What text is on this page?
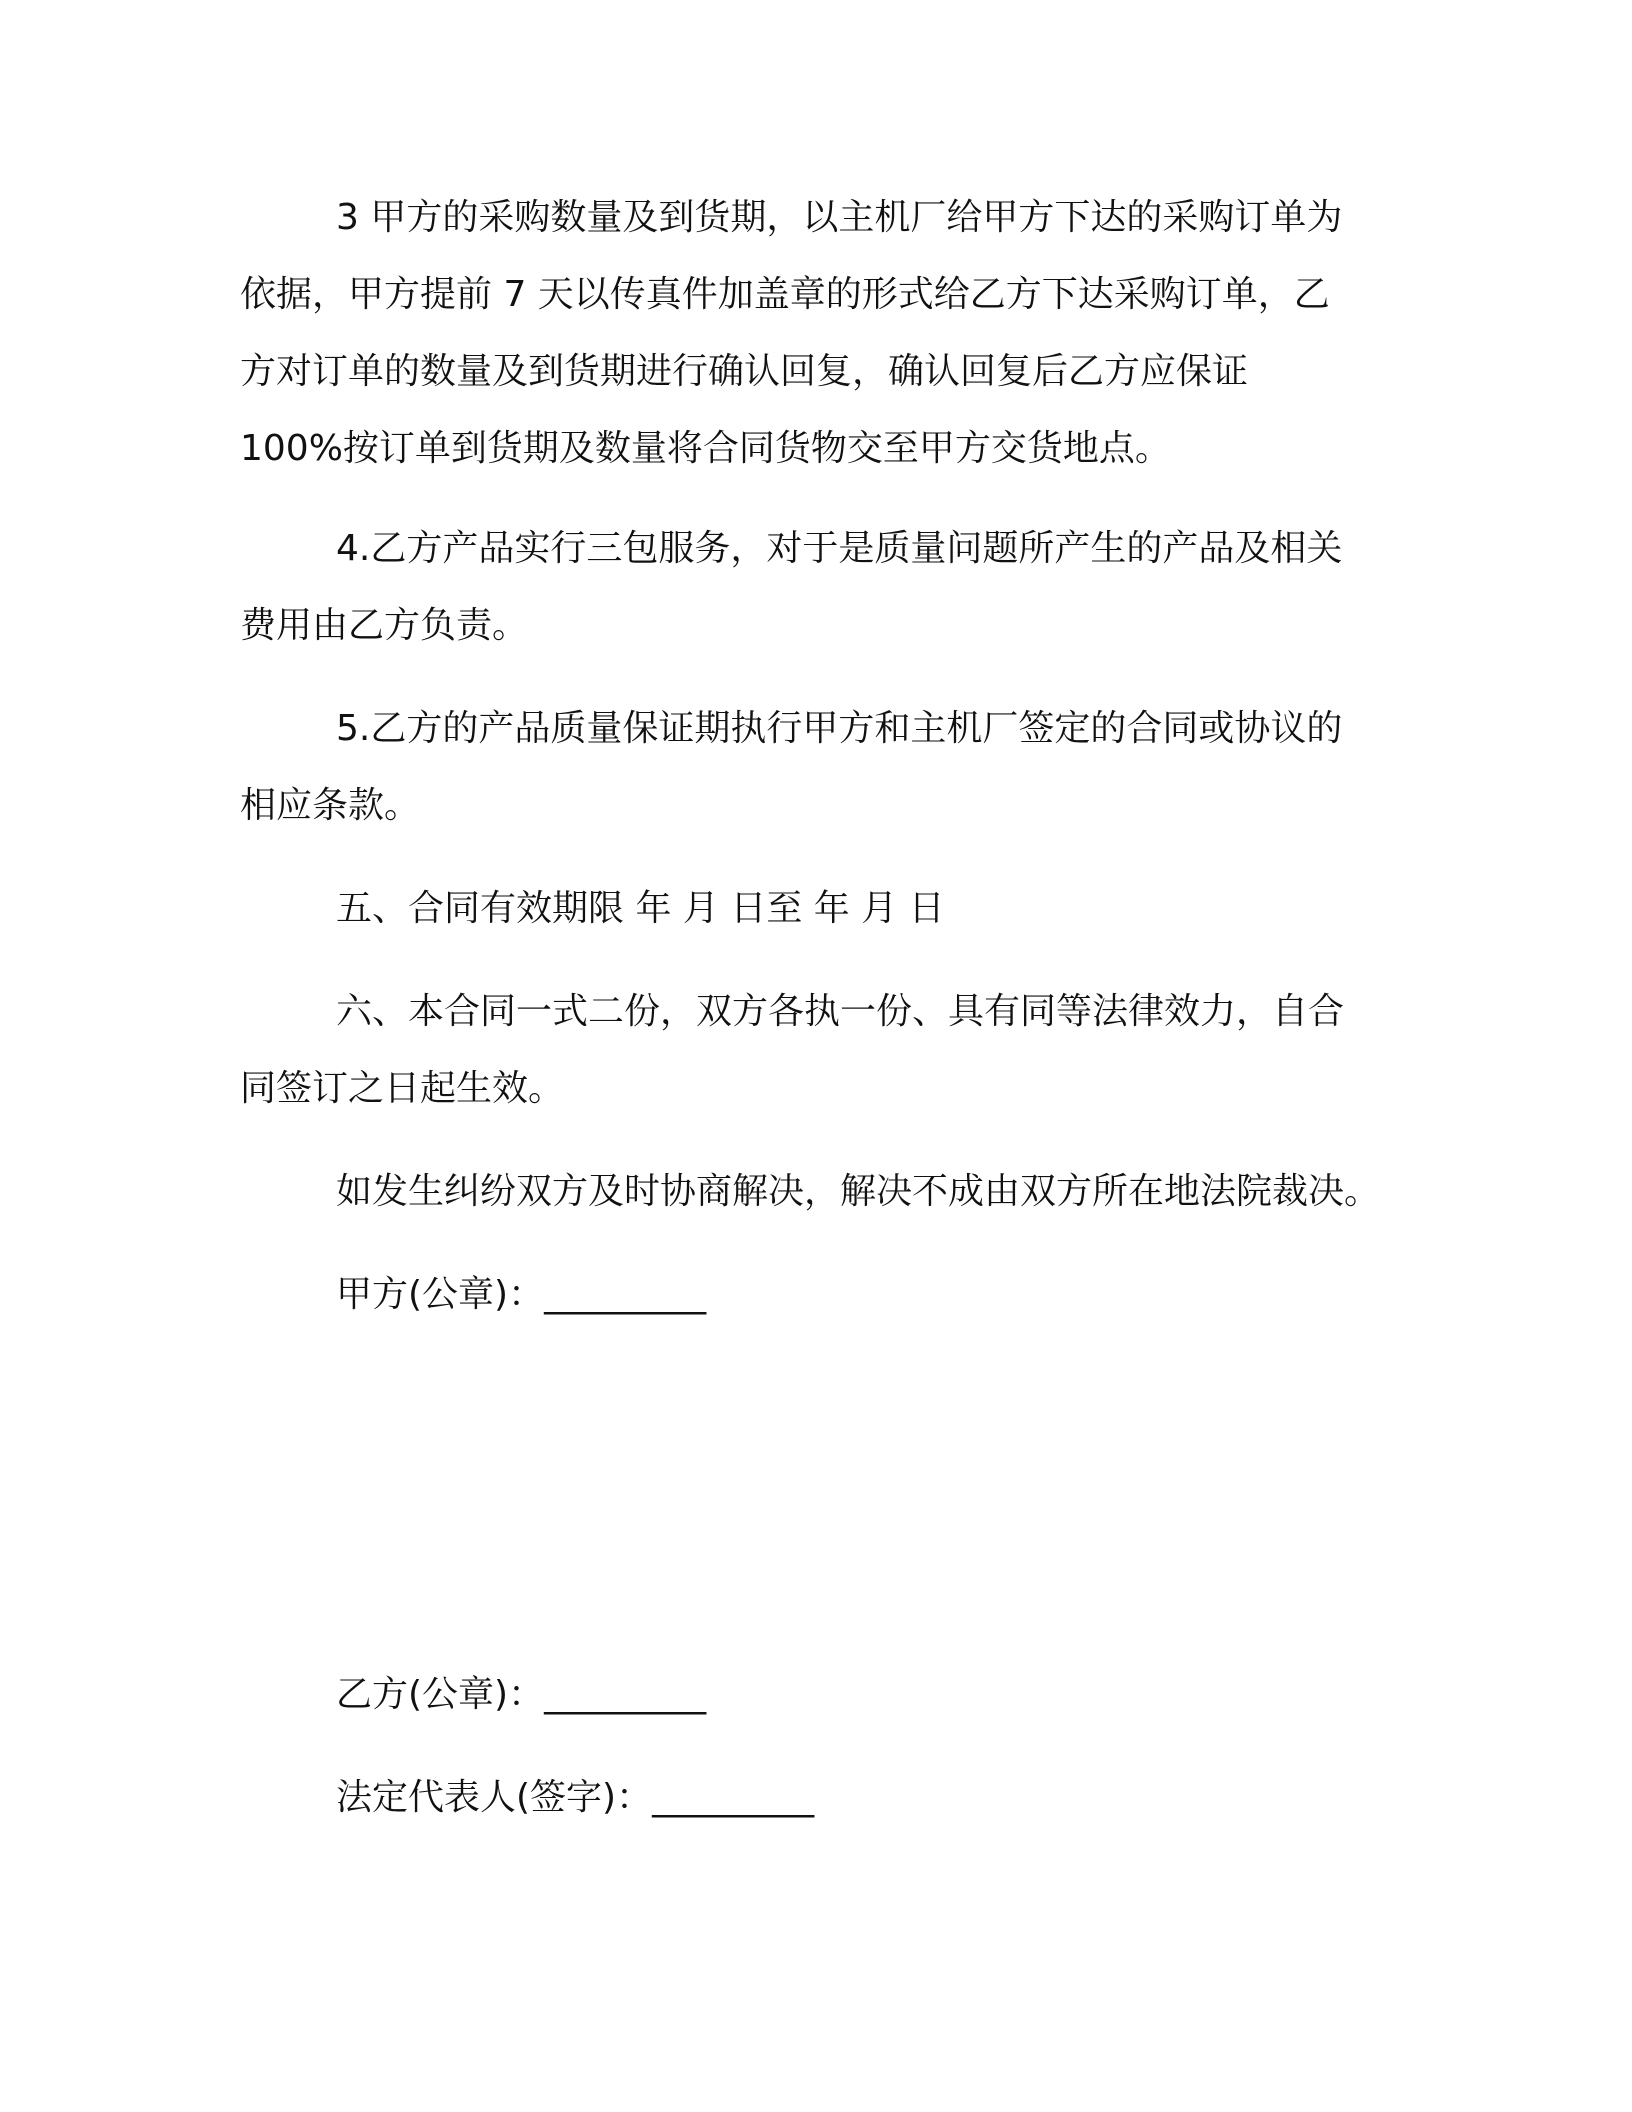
3 甲方的采购数量及到货期，以主机厂给甲方下达的采购订单为
依据，甲方提前 7 天以传真件加盖章的形式给乙方下达采购订单，乙
方对订单的数量及到货期进行确认回复，确认回复后乙方应保证
100%按订单到货期及数量将合同货物交至甲方交货地点。
4.乙方产品实行三包服务，对于是质量问题所产生的产品及相关
费用由乙方负责。
5.乙方的产品质量保证期执行甲方和主机厂签定的合同或协议的
相应条款。
五、合同有效期限 年 月 日至 年 月 日
六、本合同一式二份，双方各执一份、具有同等法律效力，自合
同签订之日起生效。
如发生纠纷双方及时协商解决，解决不成由双方所在地法院裁决。
甲方(公章)：_________
乙方(公章)：_________
法定代表人(签字)：_________
